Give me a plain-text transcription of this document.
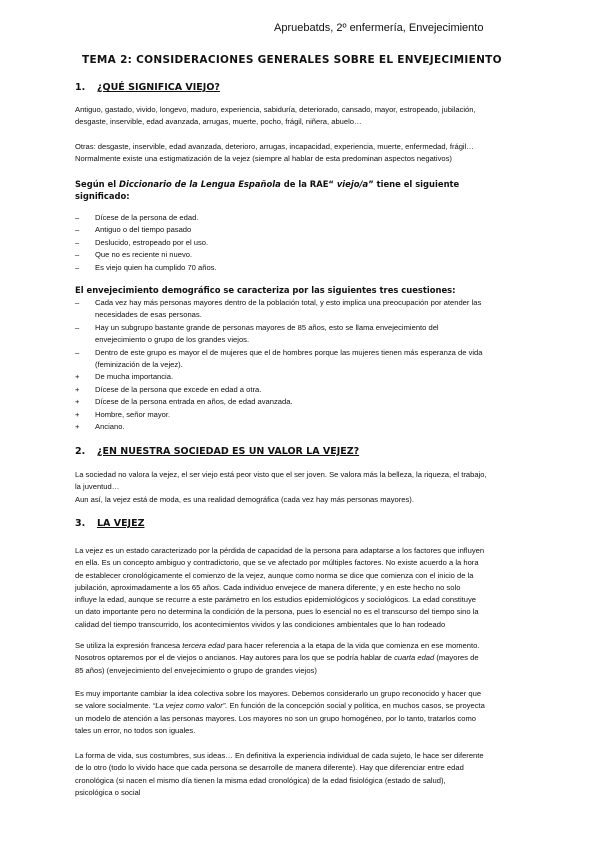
Apruebatds, 2º enfermería, Envejecimiento
TEMA 2: CONSIDERACIONES GENERALES SOBRE EL ENVEJECIMIENTO
1. ¿QUÉ SIGNIFICA VIEJO?
Antiguo, gastado, vivido, longevo, maduro, experiencia, sabiduría, deteriorado, cansado, mayor, estropeado, jubilación,
desgaste, inservible, edad avanzada, arrugas, muerte, pocho, frágil, niñera, abuelo…
Otras: desgaste, inservible, edad avanzada, deterioro, arrugas, incapacidad, experiencia, muerte, enfermedad, frágil…
Normalmente existe una estigmatización de la vejez (siempre al hablar de esta predominan aspectos negativos)
Según el Diccionario de la Lengua Española de la RAE“ viejo/a” tiene el siguiente
significado:
– Dícese de la persona de edad.
– Antiguo o del tiempo pasado
– Deslucido, estropeado por el uso.
– Que no es reciente ni nuevo.
– Es viejo quien ha cumplido 70 años.
El envejecimiento demográfico se caracteriza por las siguientes tres cuestiones:
– Cada vez hay más personas mayores dentro de la población total, y esto implica una preocupación por atender las
necesidades de esas personas.
– Hay un subgrupo bastante grande de personas mayores de 85 años, esto se llama envejecimiento del
envejecimiento o grupo de los grandes viejos.
– Dentro de este grupo es mayor el de mujeres que el de hombres porque las mujeres tienen más esperanza de vida
(feminización de la vejez).
+ De mucha importancia.
+ Dícese de la persona que excede en edad a otra.
+ Dícese de la persona entrada en años, de edad avanzada.
+ Hombre, señor mayor.
+ Anciano.
2. ¿EN NUESTRA SOCIEDAD ES UN VALOR LA VEJEZ?
La sociedad no valora la vejez, el ser viejo está peor visto que el ser joven. Se valora más la belleza, la riqueza, el trabajo,
la juventud…
Aun así, la vejez está de moda, es una realidad demográfica (cada vez hay más personas mayores).
3. LA VEJEZ
La vejez es un estado caracterizado por la pérdida de capacidad de la persona para adaptarse a los factores que influyen
en ella. Es un concepto ambiguo y contradictorio, que se ve afectado por múltiples factores. No existe acuerdo a la hora
de establecer cronológicamente el comienzo de la vejez, aunque como norma se dice que comienza con el inicio de la
jubilación, aproximadamente a los 65 años. Cada individuo envejece de manera diferente, y en este hecho no solo
influye la edad, aunque se recurre a este parámetro en los estudios epidemiológicos y sociológicos. La edad constituye
un dato importante pero no determina la condición de la persona, pues lo esencial no es el transcurso del tiempo sino la
calidad del tiempo transcurrido, los acontecimientos vividos y las condiciones ambientales que lo han rodeado
Se utiliza la expresión francesa tercera edad para hacer referencia a la etapa de la vida que comienza en ese momento.
Nosotros optaremos por el de viejos o ancianos. Hay autores para los que se podría hablar de cuarta edad (mayores de
85 años) (envejecimiento del envejecimiento o grupo de grandes viejos)
Es muy importante cambiar la idea colectiva sobre los mayores. Debemos considerarlo un grupo reconocido y hacer que
se valore socialmente. “La vejez como valor”. En función de la concepción social y política, en muchos casos, se proyecta
un modelo de atención a las personas mayores. Los mayores no son un grupo homogéneo, por lo tanto, tratarlos como
tales un error, no todos son iguales.
La forma de vida, sus costumbres, sus ideas… En definitiva la experiencia individual de cada sujeto, le hace ser diferente
de lo otro (todo lo vivido hace que cada persona se desarrolle de manera diferente). Hay que diferenciar entre edad
cronológica (si nacen el mismo día tienen la misma edad cronológica) de la edad fisiológica (estado de salud),
psicológica o social
